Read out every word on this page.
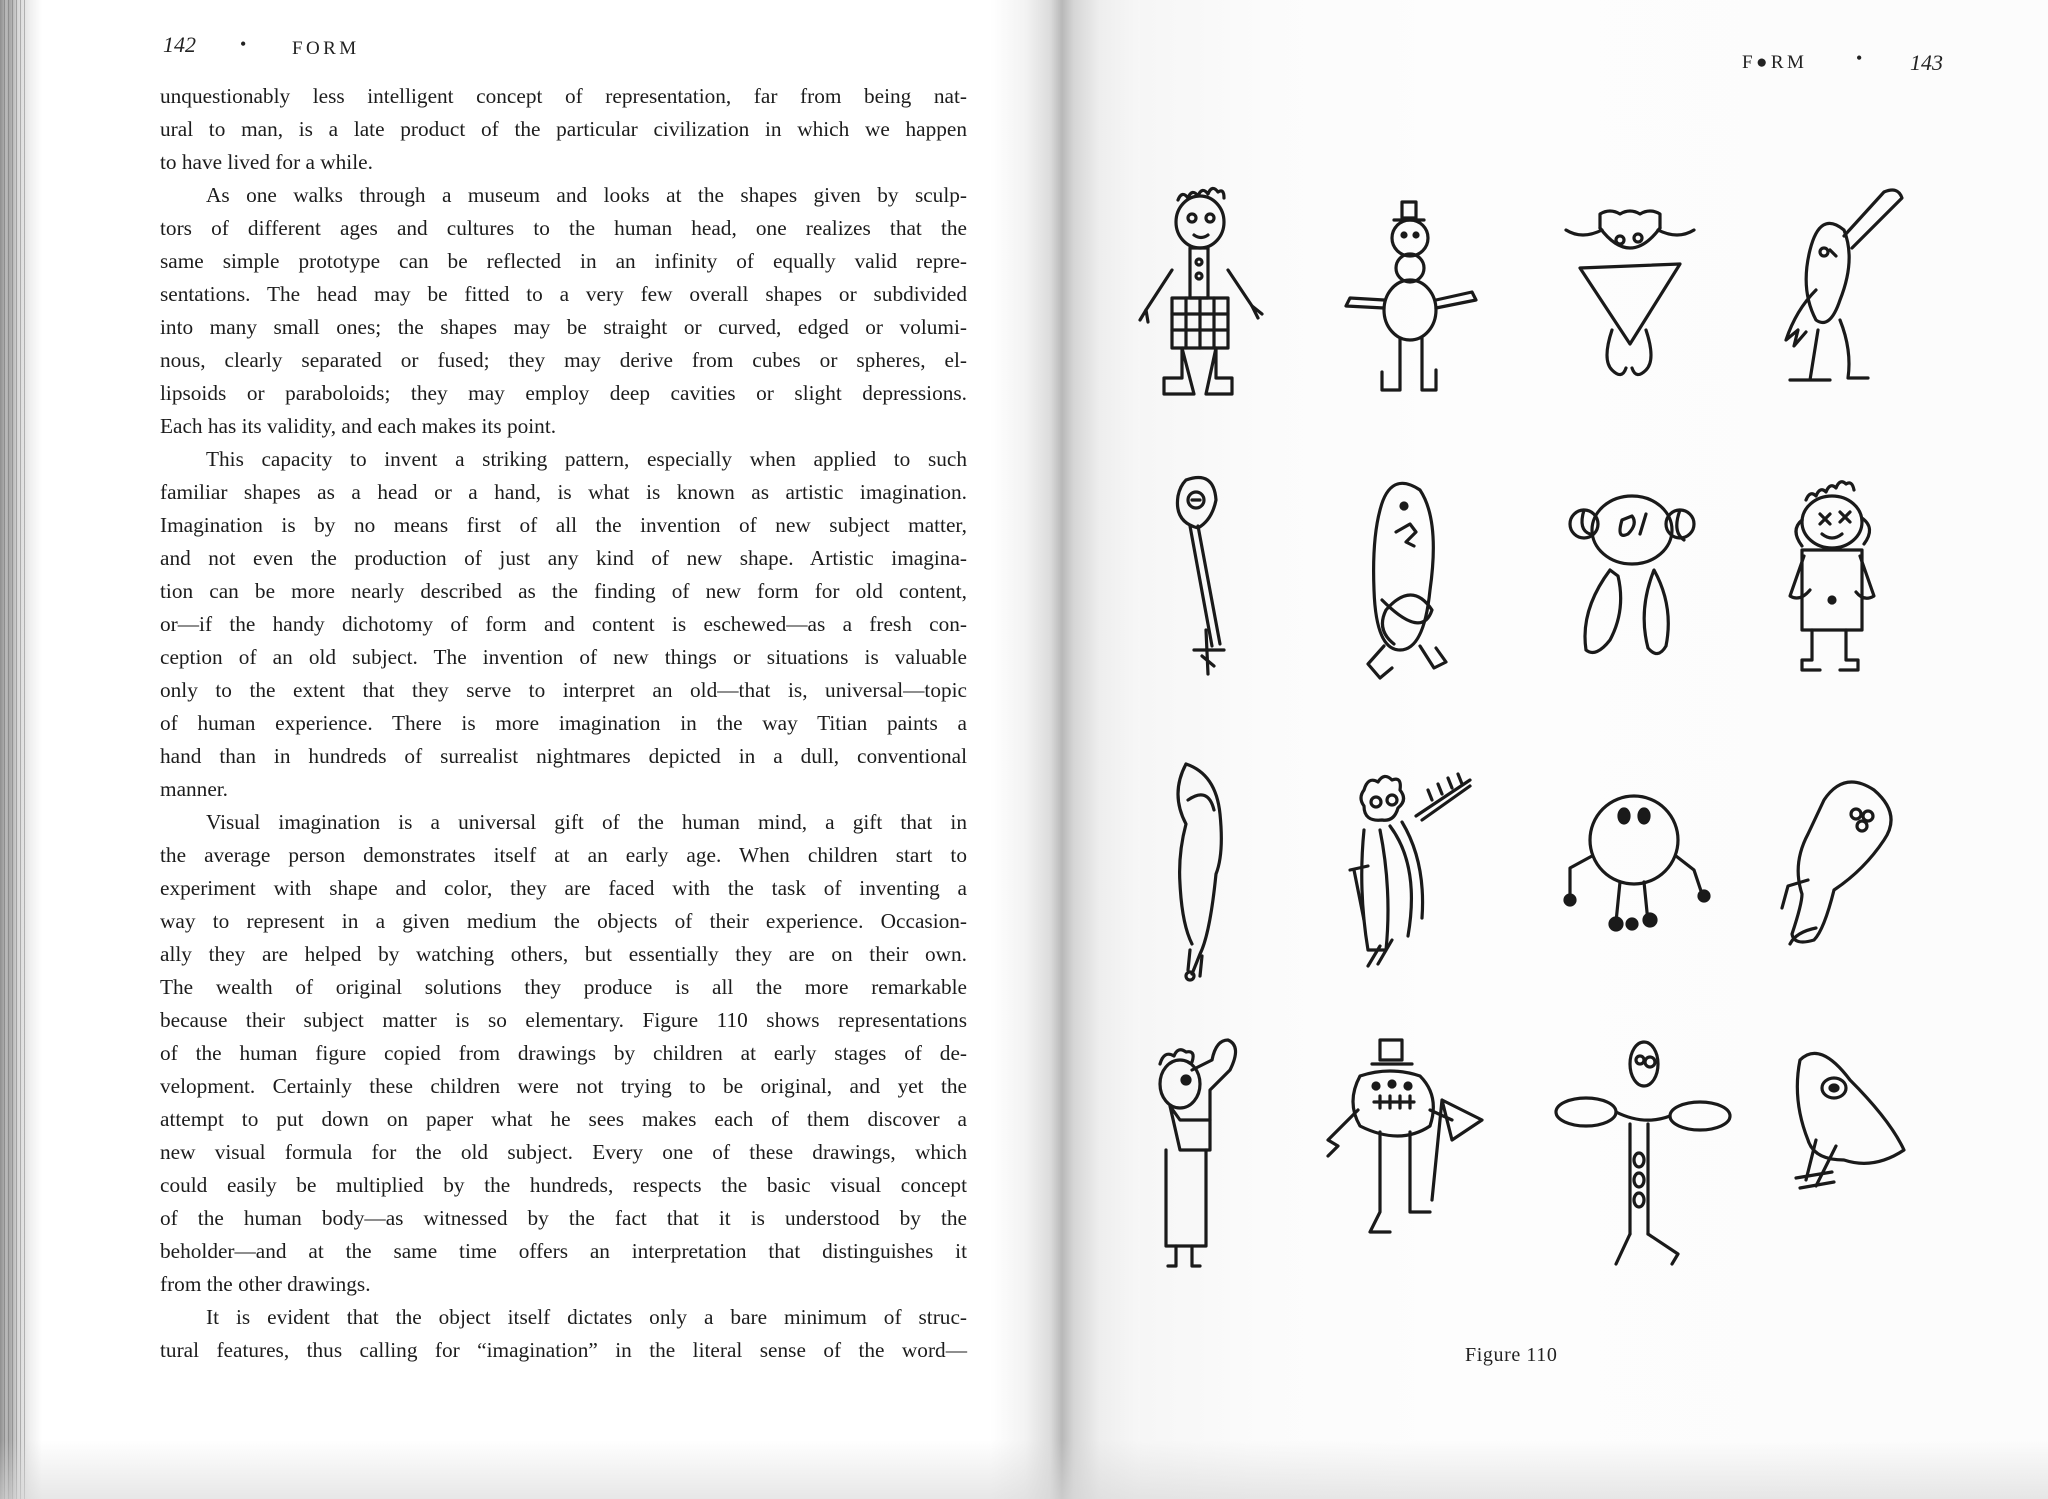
142 • FORM
F●RM	• 143
unquestionably less intelligent concept of representation, far from being nat-
ural to man, is a late product of the particular civilization in which we happen
to have lived for a while.
As one walks through a museum and looks at the shapes given by sculp-
tors of different ages and cultures to the human head, one realizes that the
same simple prototype can be reflected in an infinity of equally valid repre-
sentations. The head may be fitted to a very few overall shapes or subdivided
into many small ones; the shapes may be straight or curved, edged or volumi-
nous, clearly separated or fused; they may derive from cubes or spheres, el-
lipsoids or paraboloids; they may employ deep cavities or slight depressions.
Each has its validity, and each makes its point.
This capacity to invent a striking pattern, especially when applied to such
familiar shapes as a head or a hand, is what is known as artistic imagination.
Imagination is by no means first of all the invention of new subject matter,
and not even the production of just any kind of new shape. Artistic imagina-
tion can be more nearly described as the finding of new form for old content,
or—if the handy dichotomy of form and content is eschewed—as a fresh con-
ception of an old subject. The invention of new things or situations is valuable
only to the extent that they serve to interpret an old—that is, universal—topic
of human experience. There is more imagination in the way Titian paints a
hand than in hundreds of surrealist nightmares depicted in a dull, conventional
manner.
Visual imagination is a universal gift of the human mind, a gift that in
the average person demonstrates itself at an early age. When children start to
experiment with shape and color, they are faced with the task of inventing a
way to represent in a given medium the objects of their experience. Occasion-
ally they are helped by watching others, but essentially they are on their own.
The wealth of original solutions they produce is all the more remarkable
because their subject matter is so elementary. Figure 110 shows representations
of the human figure copied from drawings by children at early stages of de-
velopment. Certainly these children were not trying to be original, and yet the
attempt to put down on paper what he sees makes each of them discover a
new visual formula for the old subject. Every one of these drawings, which
could easily be multiplied by the hundreds, respects the basic visual concept
of the human body—as witnessed by the fact that it is understood by the
beholder—and at the same time offers an interpretation that distinguishes it
from the other drawings.
It is evident that the object itself dictates only a bare minimum of struc-
tural features, thus calling for “imagination” in the literal sense of the word—	Figure 110
